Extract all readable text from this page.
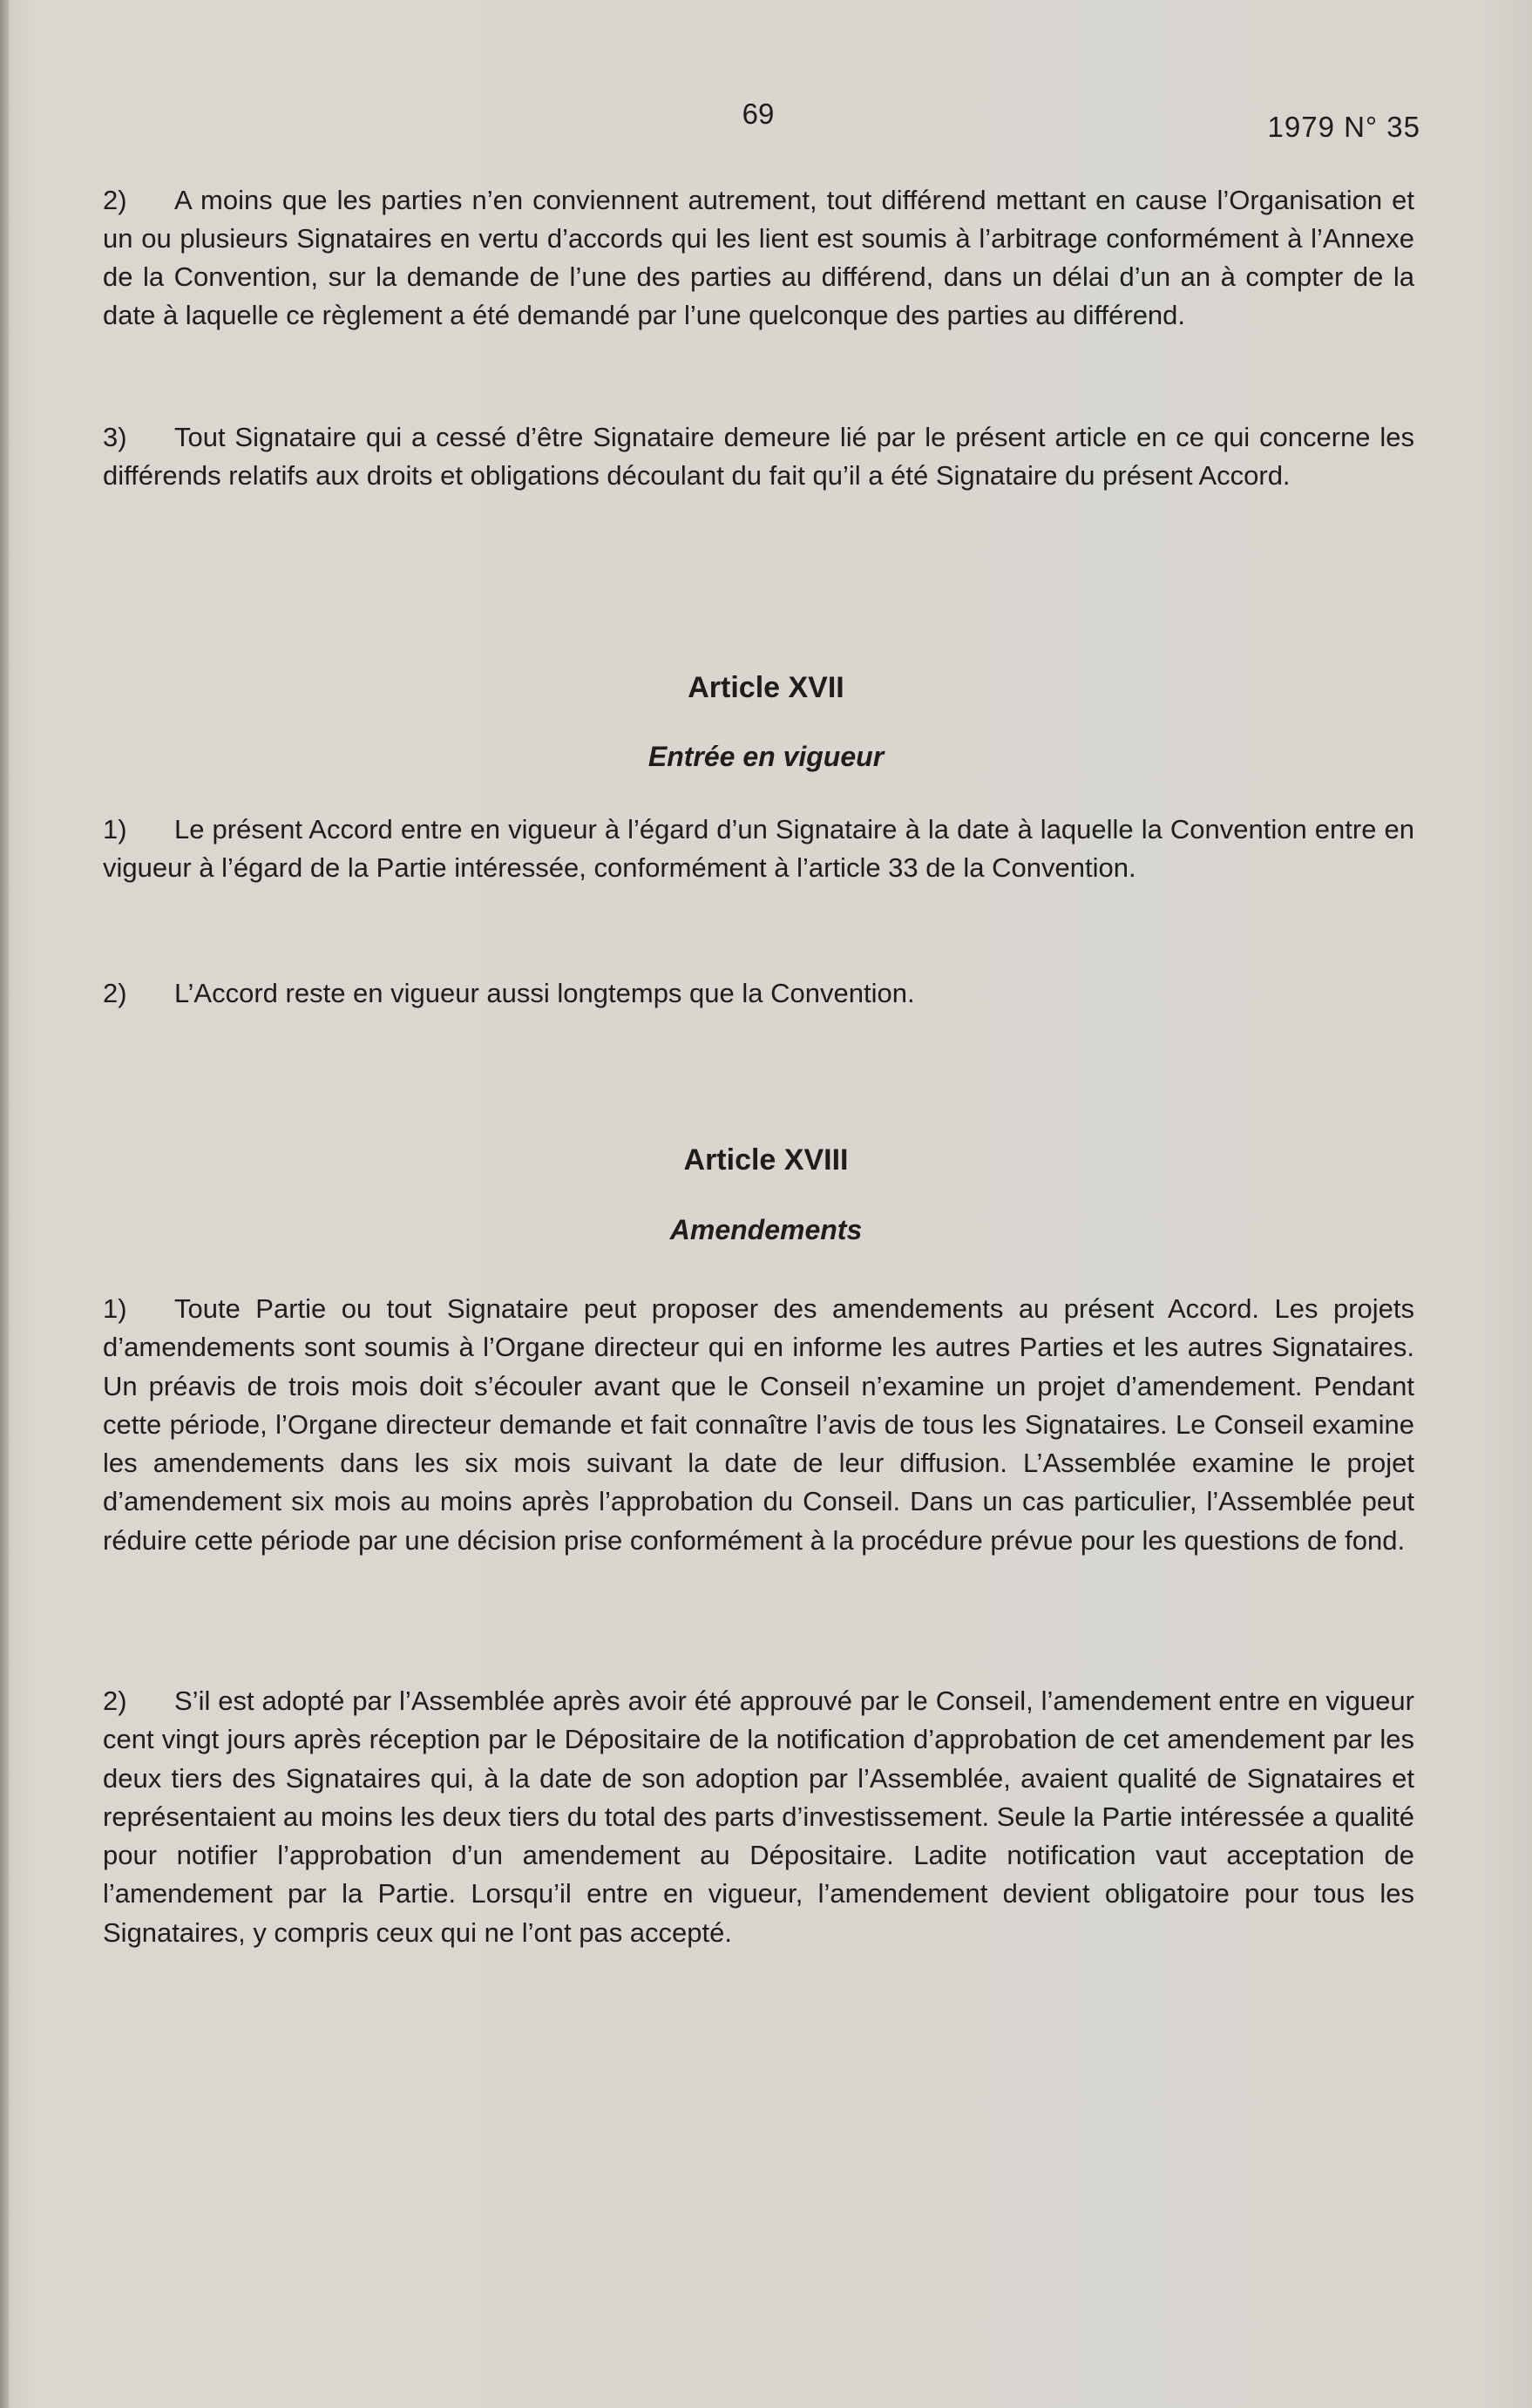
69	1979 N° 35
2) A moins que les parties n’en conviennent autrement, tout différend mettant en cause l’Organisation et un ou plusieurs Signataires en vertu d’accords qui les lient est soumis à l’arbitrage conformément à l’Annexe de la Convention, sur la demande de l’une des parties au différend, dans un délai d’un an à compter de la date à laquelle ce règlement a été demandé par l’une quelconque des parties au différend.
3) Tout Signataire qui a cessé d’être Signataire demeure lié par le présent article en ce qui concerne les différends relatifs aux droits et obligations découlant du fait qu’il a été Signataire du présent Accord.
Article XVII
Entrée en vigueur
1) Le présent Accord entre en vigueur à l’égard d’un Signataire à la date à laquelle la Convention entre en vigueur à l’égard de la Partie intéressée, conformément à l’article 33 de la Convention.
2) L’Accord reste en vigueur aussi longtemps que la Convention.
Article XVIII
Amendements
1) Toute Partie ou tout Signataire peut proposer des amendements au présent Accord. Les projets d’amendements sont soumis à l’Organe directeur qui en informe les autres Parties et les autres Signataires. Un préavis de trois mois doit s’écouler avant que le Conseil n’examine un projet d’amendement. Pendant cette période, l’Organe directeur demande et fait connaître l’avis de tous les Signataires. Le Conseil examine les amendements dans les six mois suivant la date de leur diffusion. L’Assemblée examine le projet d’amendement six mois au moins après l’approbation du Conseil. Dans un cas particulier, l’Assemblée peut réduire cette période par une décision prise conformément à la procédure prévue pour les questions de fond.
2) S’il est adopté par l’Assemblée après avoir été approuvé par le Conseil, l’amendement entre en vigueur cent vingt jours après réception par le Dépositaire de la notification d’approbation de cet amendement par les deux tiers des Signataires qui, à la date de son adoption par l’Assemblée, avaient qualité de Signataires et représentaient au moins les deux tiers du total des parts d’investissement. Seule la Partie intéressée a qualité pour notifier l’approbation d’un amendement au Dépositaire. Ladite notification vaut acceptation de l’amendement par la Partie. Lorsqu’il entre en vigueur, l’amendement devient obligatoire pour tous les Signataires, y compris ceux qui ne l’ont pas accepté.
